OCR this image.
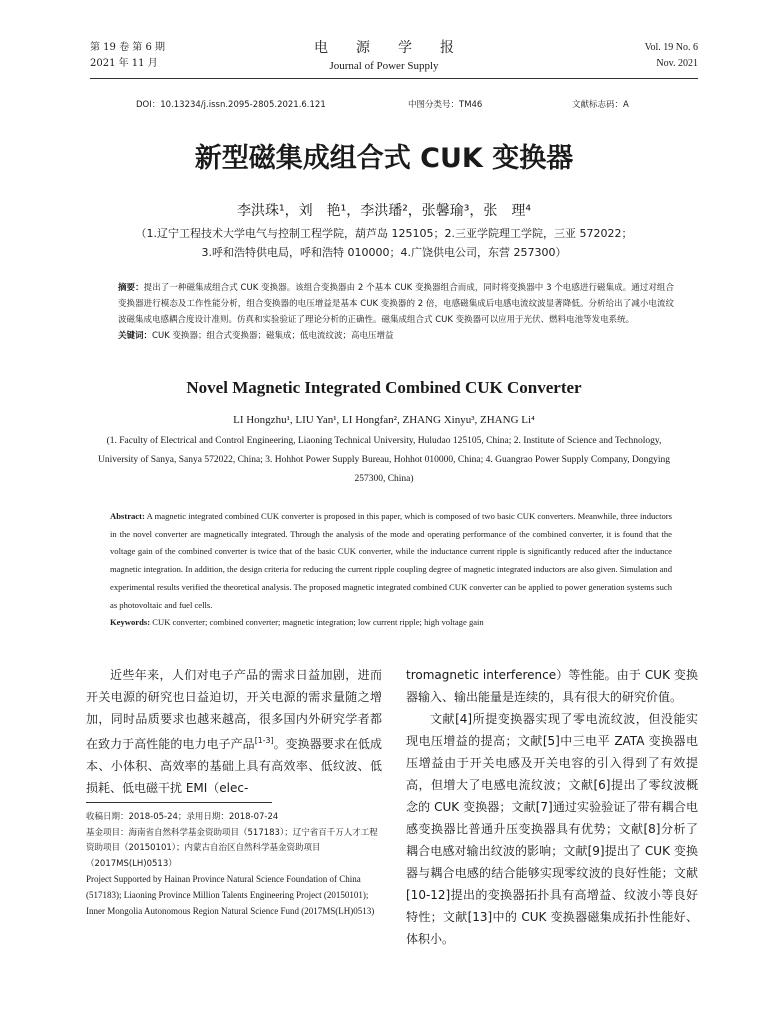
第 19 卷 第 6 期
2021 年 11 月
电源学报
Journal of Power Supply
Vol. 19 No. 6
Nov. 2021
DOI：10.13234/j.issn.2095-2805.2021.6.121	中图分类号：TM46	文献标志码：A
新型磁集成组合式 CUK 变换器
李洪珠¹，刘　艳¹，李洪璠²，张馨瑜³，张　理⁴
（1.辽宁工程技术大学电气与控制工程学院，葫芦岛 125105；2.三亚学院理工学院，三亚 572022；
3.呼和浩特供电局，呼和浩特 010000；4.广饶供电公司，东营 257300）
摘要：提出了一种磁集成组合式 CUK 变换器。该组合变换器由 2 个基本 CUK 变换器组合而成，同时将变换器中 3 个电感进行磁集成。通过对组合变换器进行模态及工作性能分析，组合变换器的电压增益是基本 CUK 变换器的 2 倍，电感磁集成后电感电流纹波显著降低。分析给出了减小电流纹波磁集成电感耦合度设计准则。仿真和实验验证了理论分析的正确性。磁集成组合式 CUK 变换器可以应用于光伏、燃料电池等发电系统。
关键词：CUK 变换器；组合式变换器；磁集成；低电流纹波；高电压增益
Novel Magnetic Integrated Combined CUK Converter
LI Hongzhu¹, LIU Yan¹, LI Hongfan², ZHANG Xinyu³, ZHANG Li⁴
(1. Faculty of Electrical and Control Engineering, Liaoning Technical University, Huludao 125105, China; 2. Institute of Science and Technology, University of Sanya, Sanya 572022, China; 3. Hohhot Power Supply Bureau, Hohhot 010000, China; 4. Guangrao Power Supply Company, Dongying 257300, China)
Abstract: A magnetic integrated combined CUK converter is proposed in this paper, which is composed of two basic CUK converters. Meanwhile, three inductors in the novel converter are magnetically integrated. Through the analysis of the mode and operating performance of the combined converter, it is found that the voltage gain of the combined converter is twice that of the basic CUK converter, while the inductance current ripple is significantly reduced after the inductance magnetic integration. In addition, the design criteria for reducing the current ripple coupling degree of magnetic integrated inductors are also given. Simulation and experimental results verified the theoretical analysis. The proposed magnetic integrated combined CUK converter can be applied to power generation systems such as photovoltaic and fuel cells.
Keywords: CUK converter; combined converter; magnetic integration; low current ripple; high voltage gain

近些年来，人们对电子产品的需求日益加剧，进而开关电源的研究也日益迫切，开关电源的需求量随之增加，同时品质要求也越来越高，很多国内外研究学者都在致力于高性能的电力电子产品[1-3]。变换器要求在低成本、小体积、高效率的基础上具有高效率、低纹波、低损耗、低电磁干扰 EMI（elec-

tromagnetic interference）等性能。由于 CUK 变换器输入、输出能量是连续的，具有很大的研究价值。

文献[4]所提变换器实现了零电流纹波，但没能实现电压增益的提高；文献[5]中三电平 ZATA 变换器电压增益由于开关电感及开关电容的引入得到了有效提高，但增大了电感电流纹波；文献[6]提出了零纹波概念的 CUK 变换器；文献[7]通过实验验证了带有耦合电感变换器比普通升压变换器具有优势；文献[8]分析了耦合电感对输出纹波的影响；文献[9]提出了 CUK 变换器与耦合电感的结合能够实现零纹波的良好性能；文献[10-12]提出的变换器拓扑具有高增益、纹波小等良好特性；文献[13]中的 CUK 变换器磁集成拓扑性能好、体积小。

收稿日期：2018-05-24；录用日期：2018-07-24
基金项目：海南省自然科学基金资助项目（517183）；辽宁省百千万人才工程资助项目（20150101）；内蒙古自治区自然科学基金资助项目（2017MS(LH)0513）
Project Supported by Hainan Province Natural Science Foundation of China (517183); Liaoning Province Million Talents Engineering Project (20150101); Inner Mongolia Autonomous Region Natural Science Fund (2017MS(LH)0513)
